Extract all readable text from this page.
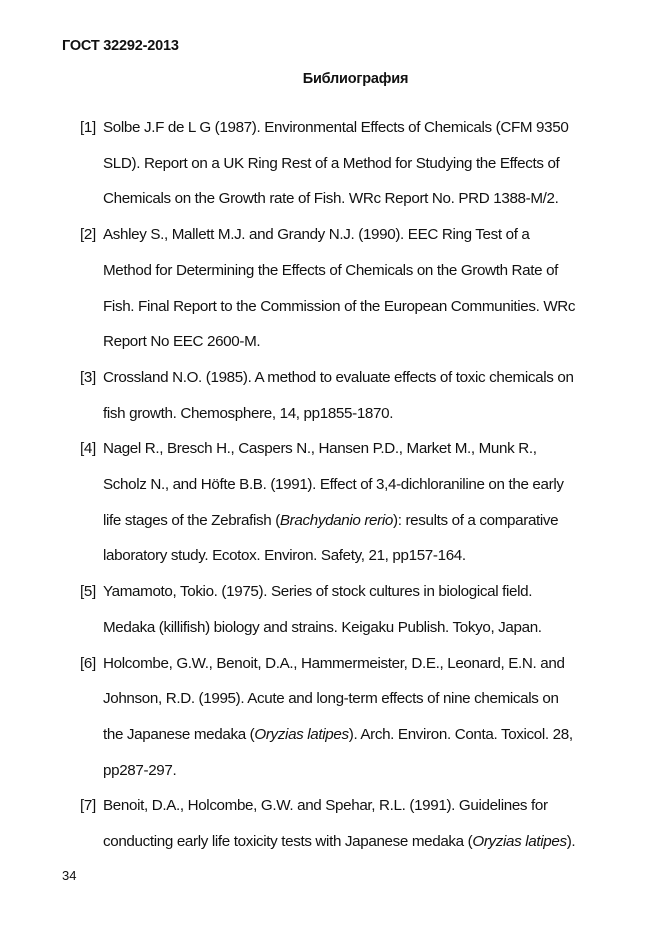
ГОСТ 32292-2013
Библиография
[1] Solbe J.F de L G (1987). Environmental Effects of Chemicals (CFM 9350
SLD). Report on a UK Ring Rest of a Method for Studying the Effects of
Chemicals on the Growth rate of Fish. WRc Report No. PRD 1388-M/2.
[2] Ashley S., Mallett M.J. and Grandy N.J. (1990). EEC Ring Test of a
Method for Determining the Effects of Chemicals on the Growth Rate of
Fish. Final Report to the Commission of the European Communities. WRc
Report No EEC 2600-M.
[3] Crossland N.O. (1985). A method to evaluate effects of toxic chemicals on
fish growth. Chemosphere, 14, pp1855-1870.
[4] Nagel R., Bresch H., Caspers N., Hansen P.D., Market M., Munk R.,
Scholz N., and Höfte B.B. (1991). Effect of 3,4-dichloraniline on the early
life stages of the Zebrafish (Brachydanio rerio): results of a comparative
laboratory study. Ecotox. Environ. Safety, 21, pp157-164.
[5] Yamamoto, Tokio. (1975). Series of stock cultures in biological field.
Medaka (killifish) biology and strains. Keigaku Publish. Tokyo, Japan.
[6] Holcombe, G.W., Benoit, D.A., Hammermeister, D.E., Leonard, E.N. and
Johnson, R.D. (1995). Acute and long-term effects of nine chemicals on
the Japanese medaka (Oryzias latipes). Arch. Environ. Conta. Toxicol. 28,
pp287-297.
[7] Benoit, D.A., Holcombe, G.W. and Spehar, R.L. (1991). Guidelines for
conducting early life toxicity tests with Japanese medaka (Oryzias latipes).
34
